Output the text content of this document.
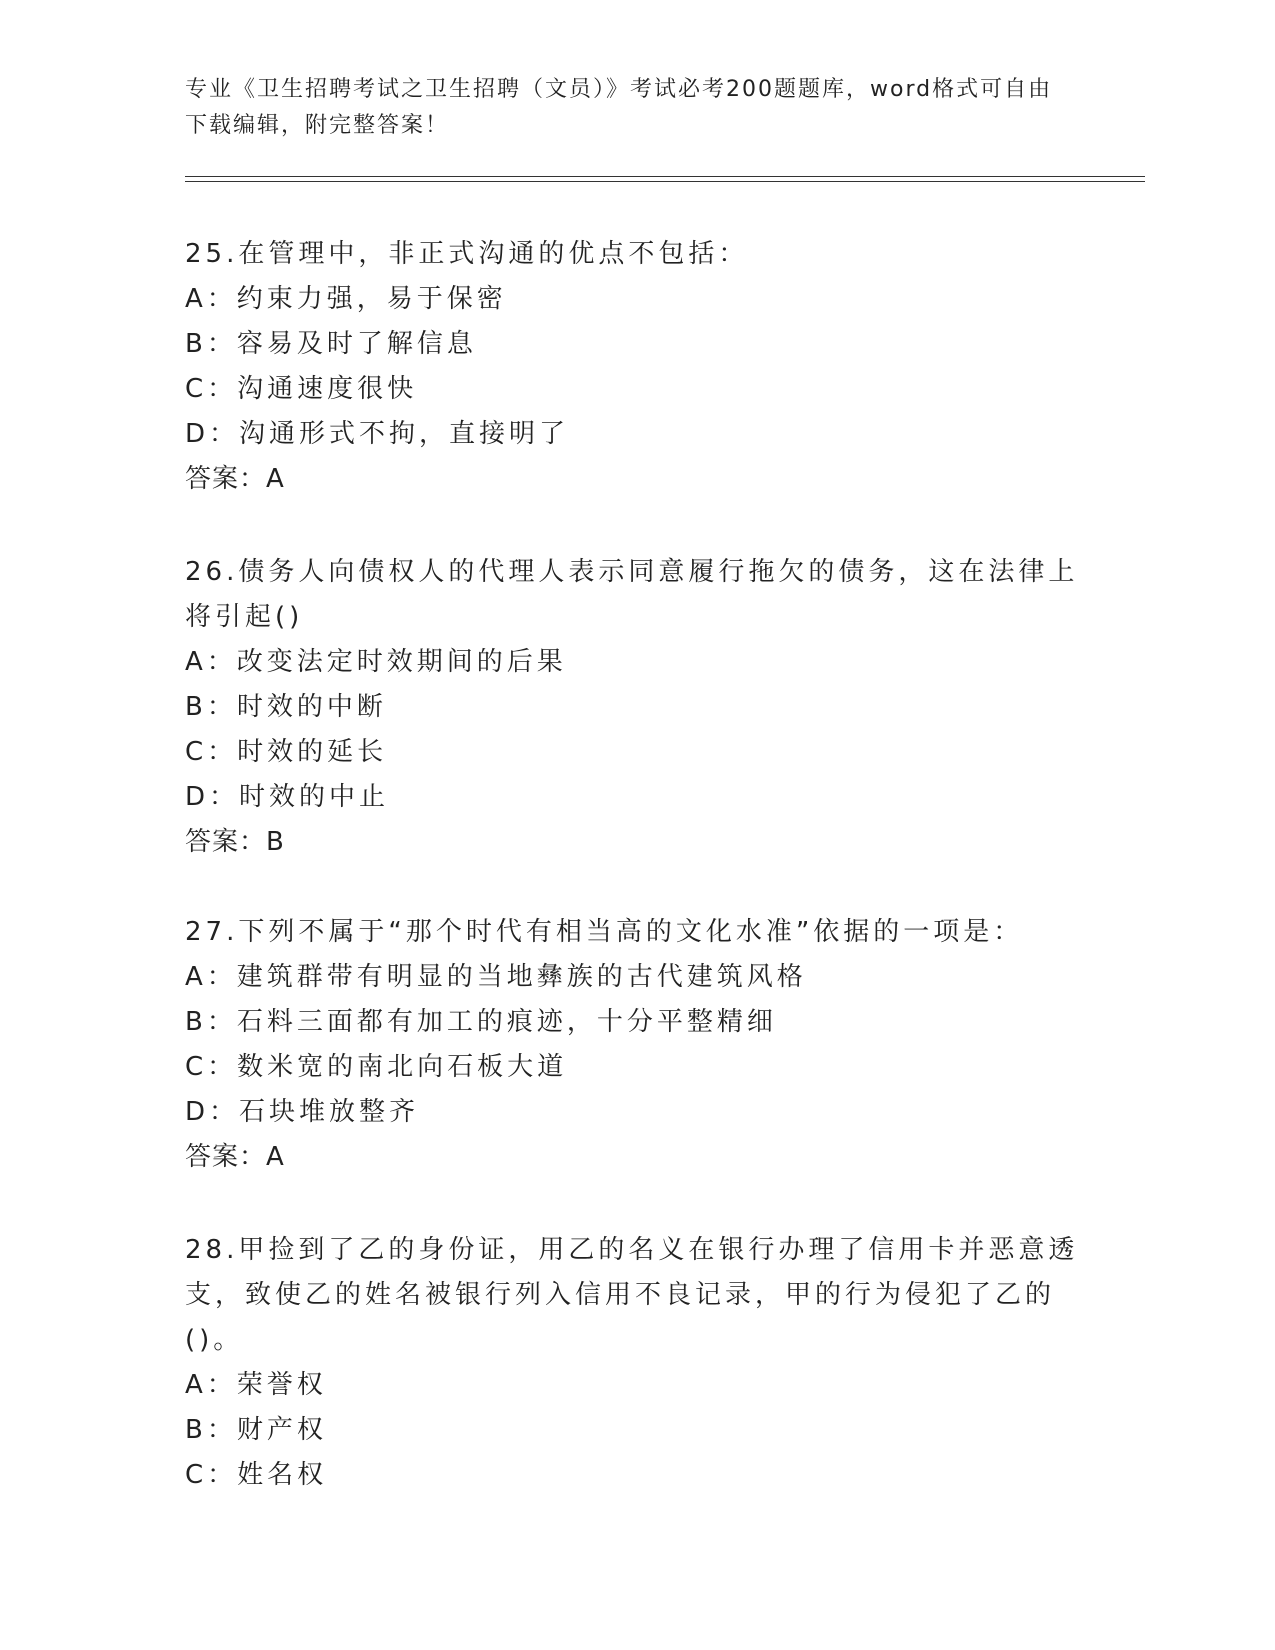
专业《卫生招聘考试之卫生招聘（文员）》考试必考200题题库，word格式可自由下载编辑，附完整答案！

25.在管理中，非正式沟通的优点不包括：

A：约束力强，易于保密
B：容易及时了解信息
C：沟通速度很快
D：沟通形式不拘，直接明了

答案：A

26.债务人向债权人的代理人表示同意履行拖欠的债务，这在法律上将引起()

A：改变法定时效期间的后果
B：时效的中断
C：时效的延长
D：时效的中止

答案：B

27.下列不属于“那个时代有相当高的文化水准”依据的一项是：

A：建筑群带有明显的当地彝族的古代建筑风格
B：石料三面都有加工的痕迹，十分平整精细
C：数米宽的南北向石板大道
D：石块堆放整齐

答案：A

28.甲捡到了乙的身份证，用乙的名义在银行办理了信用卡并恶意透支，致使乙的姓名被银行列入信用不良记录，甲的行为侵犯了乙的()。

A：荣誉权
B：财产权
C：姓名权
